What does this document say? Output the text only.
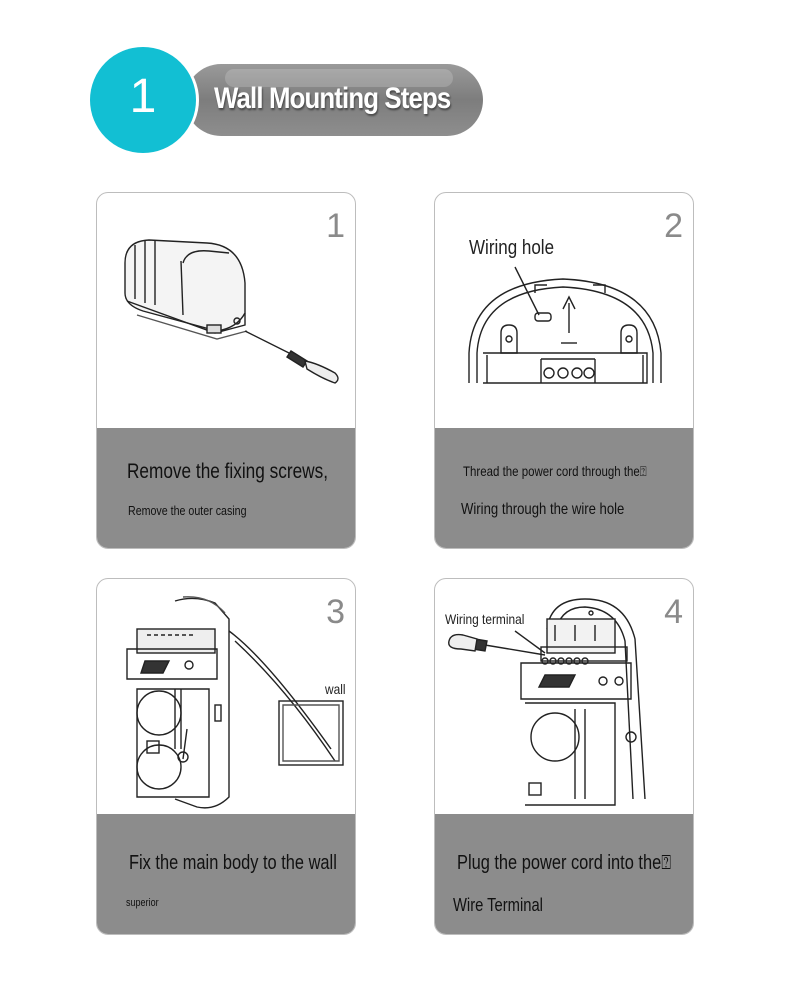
Wall Mounting Steps
1
1
Remove the fixing screws,
Remove the outer casing
Wiring hole
2
Thread the power cord through the⍰
Wiring through the wire hole
wall
3
Fix the main body to the wall
superior
Wiring terminal	4
Plug the power cord into the⍰
Wire Terminal
